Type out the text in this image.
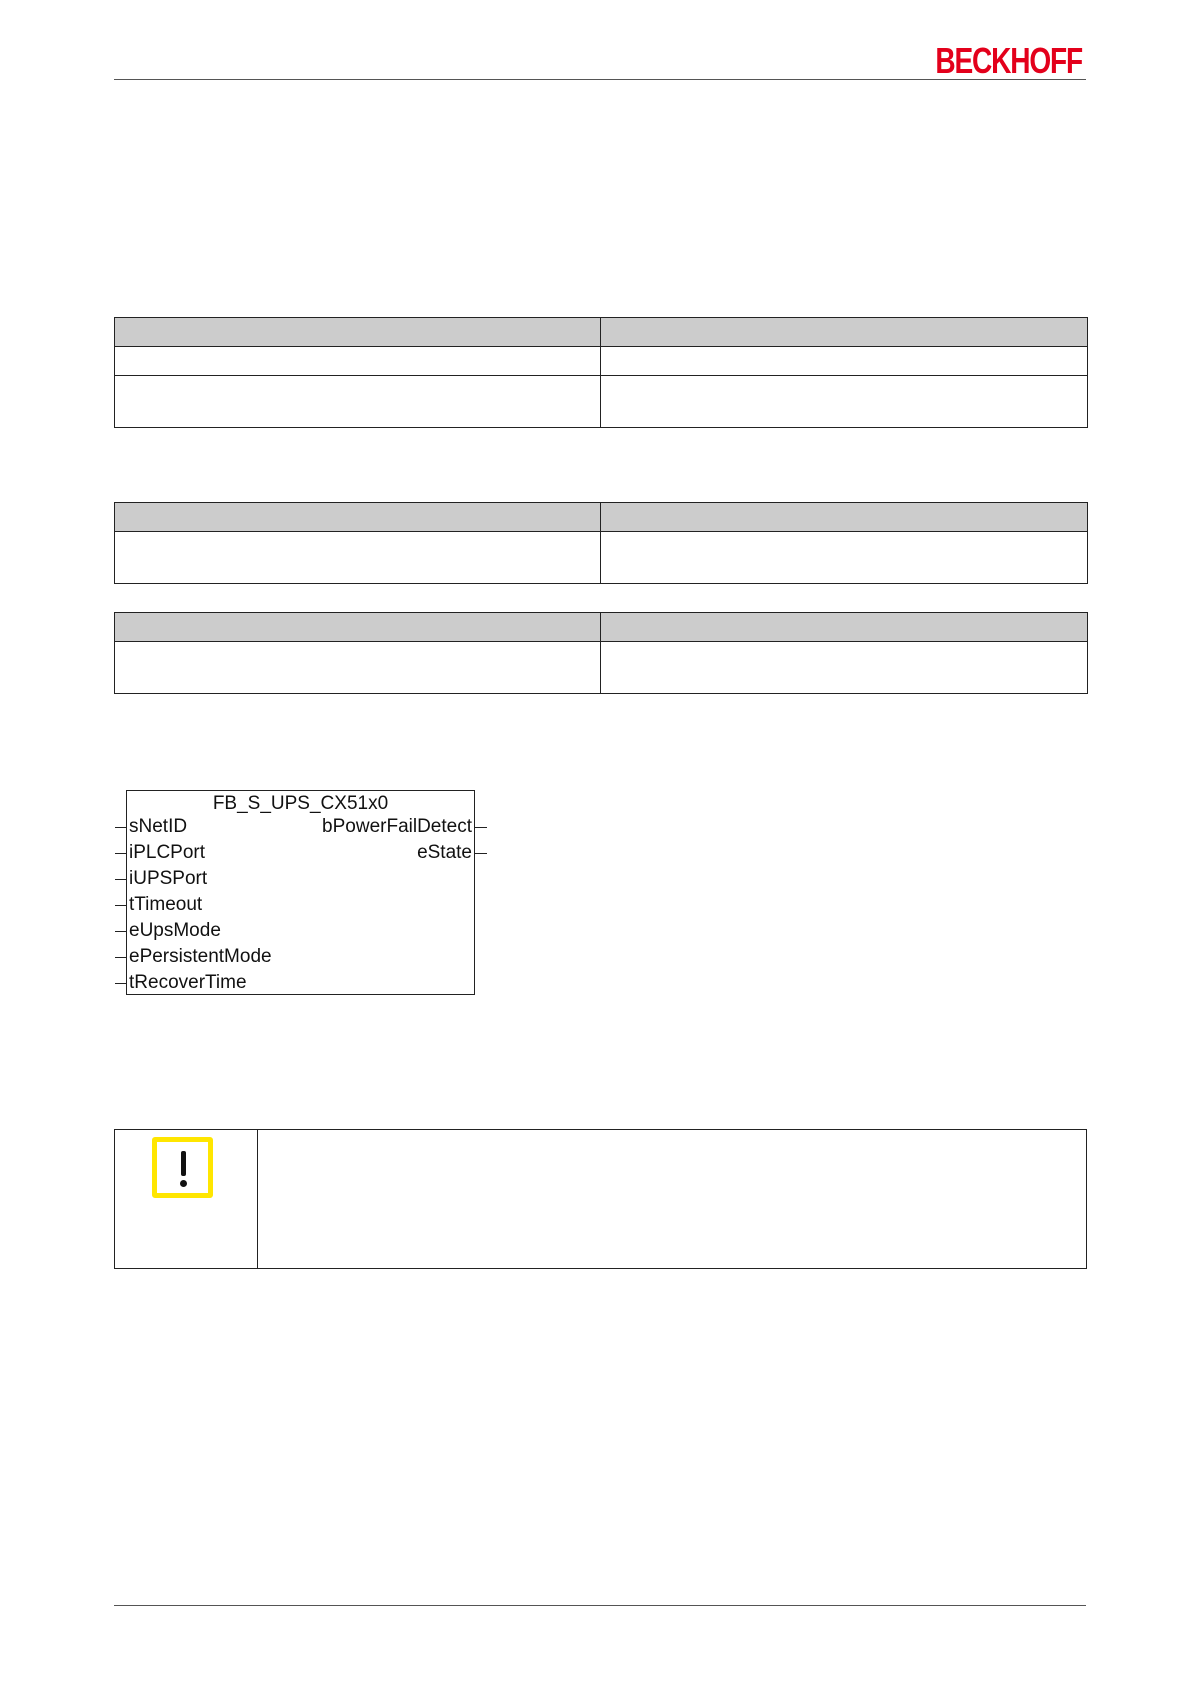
BECKHOFF

FB_S_UPS_CX51x0
sNetID
iPLCPort
iUPSPort
tTimeout
eUpsMode
ePersistentMode
tRecoverTime
bPowerFailDetect
eState
